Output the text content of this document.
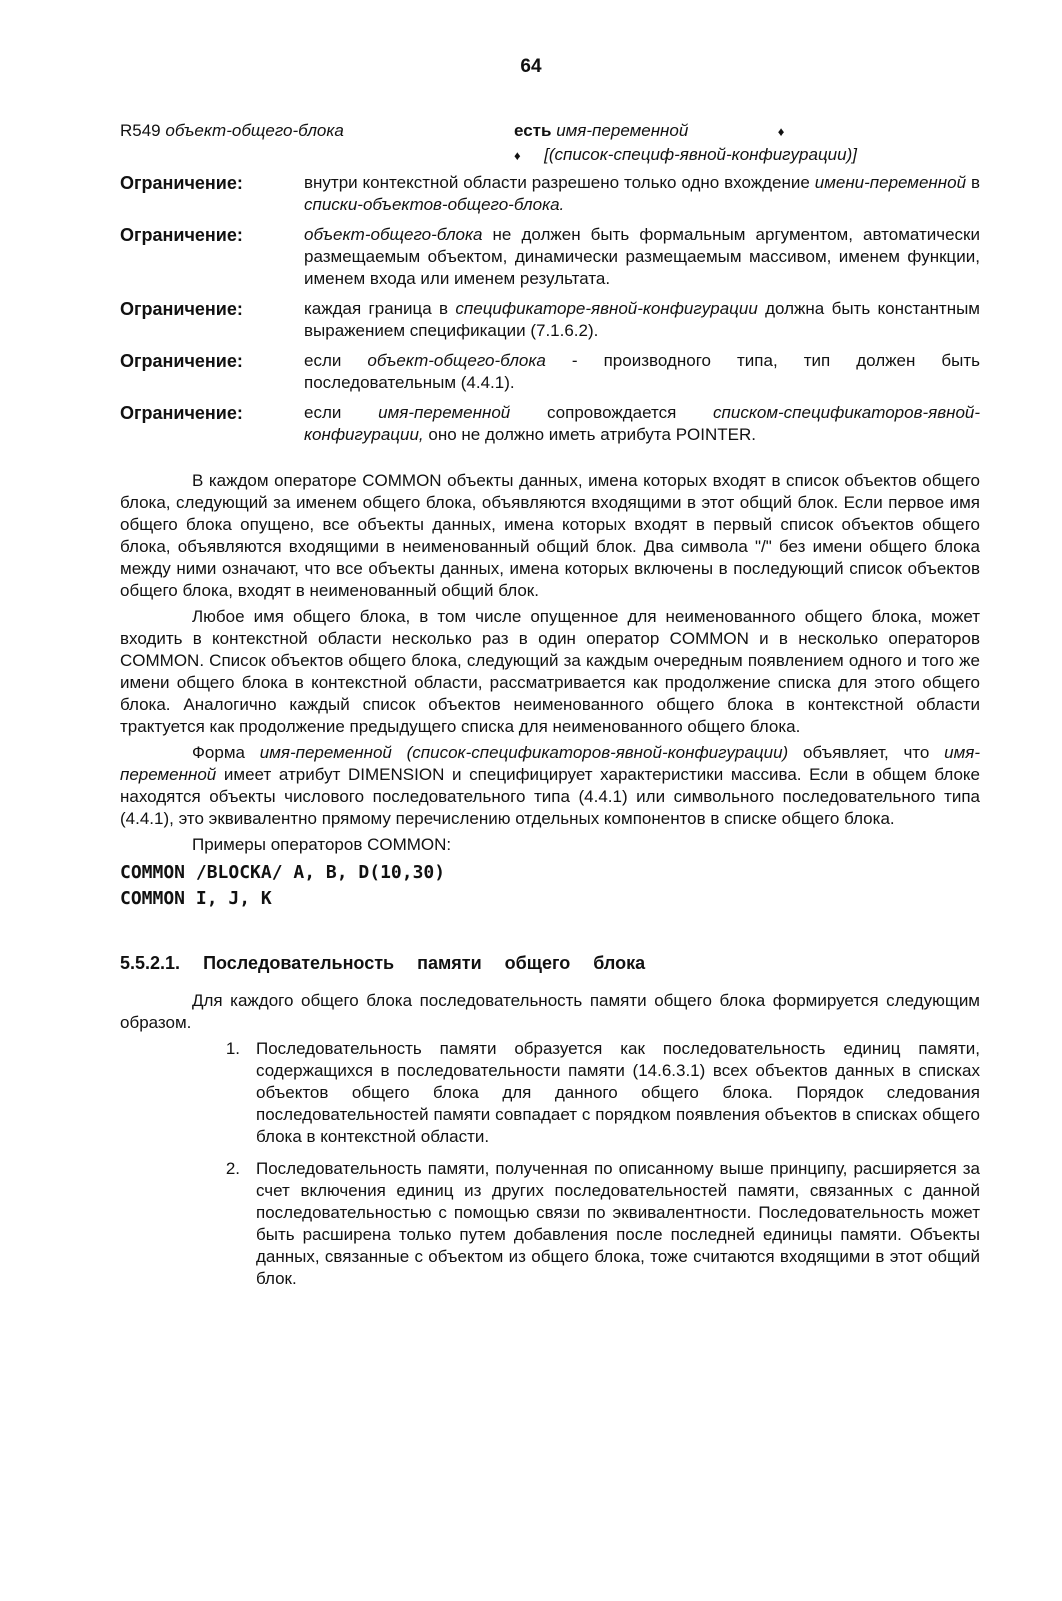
64
R549 объект-общего-блока	есть имя-переменной	♦
♦ [(список-специф-явной-конфигурации)]
Ограничение:	внутри контекстной области разрешено только одно вхождение имени-переменной в списки-объектов-общего-блока.
Ограничение:	объект-общего-блока не должен быть формальным аргументом, автоматически размещаемым объектом, динамически размещаемым массивом, именем функции, именем входа или именем результата.
Ограничение:	каждая граница в спецификаторе-явной-конфигурации должна быть константным выражением спецификации (7.1.6.2).
Ограничение:	если объект-общего-блока - производного типа, тип должен быть последовательным (4.4.1).
Ограничение:	если имя-переменной сопровождается списком-спецификаторов-явной-конфигурации, оно не должно иметь атрибута POINTER.

В каждом операторе COMMON объекты данных, имена которых входят в список объектов общего блока, следующий за именем общего блока, объявляются входящими в этот общий блок. Если первое имя общего блока опущено, все объекты данных, имена которых входят в первый список объектов общего блока, объявляются входящими в неименованный общий блок. Два символа "/" без имени общего блока между ними означают, что все объекты данных, имена которых включены в последующий список объектов общего блока, входят в неименованный общий блок.

Любое имя общего блока, в том числе опущенное для неименованного общего блока, может входить в контекстной области несколько раз в один оператор COMMON и в несколько операторов COMMON. Список объектов общего блока, следующий за каждым очередным появлением одного и того же имени общего блока в контекстной области, рассматривается как продолжение списка для этого общего блока. Аналогично каждый список объектов неименованного общего блока в контекстной области трактуется как продолжение предыдущего списка для неименованного общего блока.

Форма имя-переменной (список-спецификаторов-явной-конфигурации) объявляет, что имя-переменной имеет атрибут DIMENSION и специфицирует характеристики массива. Если в общем блоке находятся объекты числового последовательного типа (4.4.1) или символьного последовательного типа (4.4.1), это эквивалентно прямому перечислению отдельных компонентов в списке общего блока.

Примеры операторов COMMON:

COMMON /BLOCKA/ A, B, D(10,30)
COMMON I, J, K
5.5.2.1. Последовательность памяти общего блока

Для каждого общего блока последовательность памяти общего блока формируется следующим образом.

1. Последовательность памяти образуется как последовательность единиц памяти, содержащихся в последовательности памяти (14.6.3.1) всех объектов данных в списках объектов общего блока для данного общего блока. Порядок следования последовательностей памяти совпадает с порядком появления объектов в списках общего блока в контекстной области.
2. Последовательность памяти, полученная по описанному выше принципу, расширяется за счет включения единиц из других последовательностей памяти, связанных с данной последовательностью с помощью связи по эквивалентности. Последовательность может быть расширена только путем добавления после последней единицы памяти. Объекты данных, связанные с объектом из общего блока, тоже считаются входящими в этот общий блок.
